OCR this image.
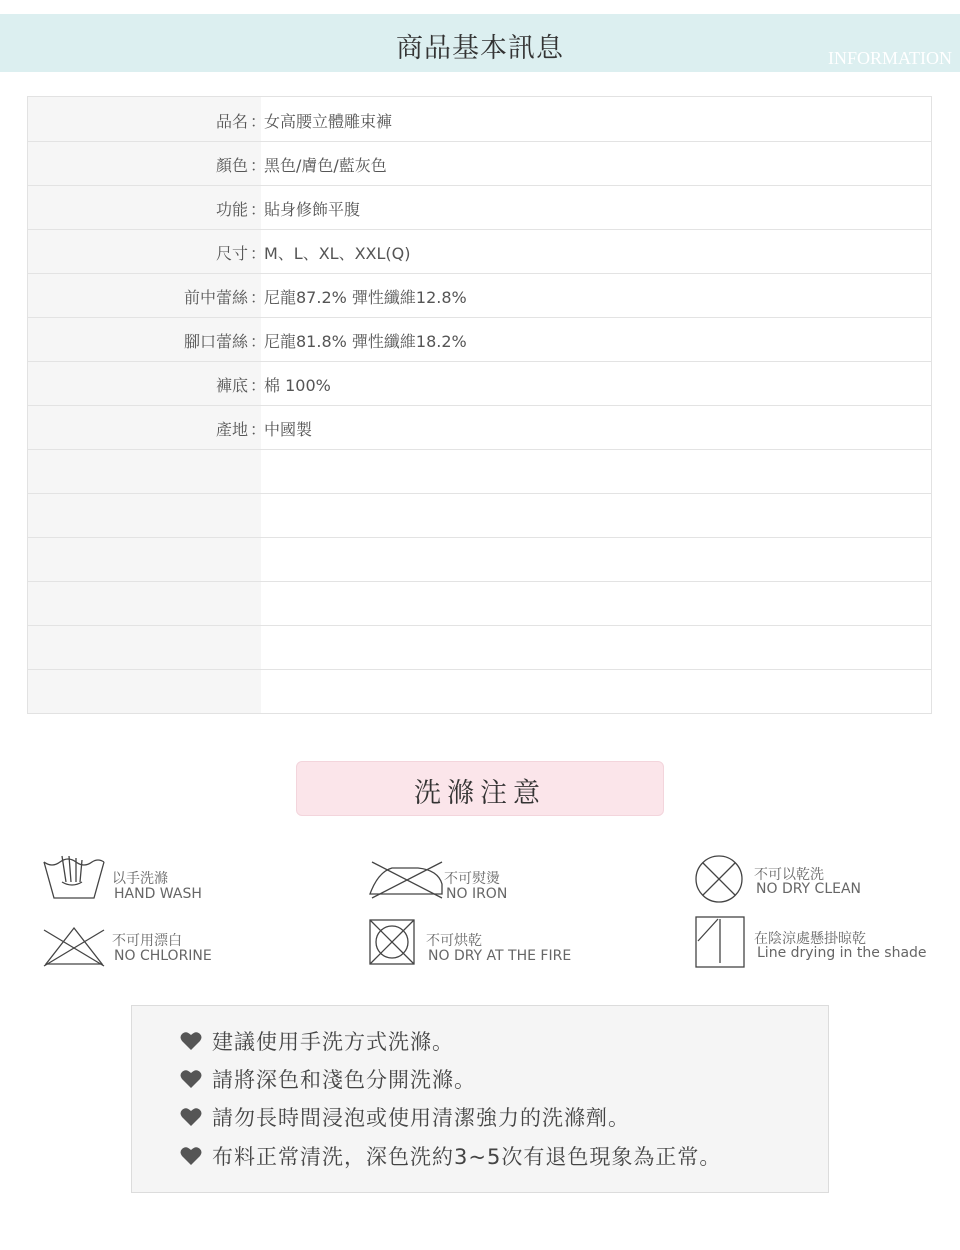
商品基本訊息	INFORMATION
品名 ：
女高腰立體雕束褲
顏色 ：
黑色/膚色/藍灰色
功能 ：
貼身修飾平腹
尺寸 ：
M、L、XL、XXL(Q)
前中蕾絲 ：
尼龍87.2% 彈性纖維12.8%
腳口蕾絲 ：
尼龍81.8% 彈性纖維18.2%
褲底 ：
棉 100%
產地 ：
中國製
洗滌注意
以手洗滌
HAND WASH
不可熨燙
NO IRON
不可以乾洗
NO DRY CLEAN
不可用漂白
NO CHLORINE
不可烘乾
NO DRY AT THE FIRE
在陰涼處懸掛晾乾
Line drying in the shade
建議使用手洗方式洗滌。
請將深色和淺色分開洗滌。
請勿長時間浸泡或使用清潔強力的洗滌劑。
布料正常清洗，深色洗約3~5次有退色現象為正常。
